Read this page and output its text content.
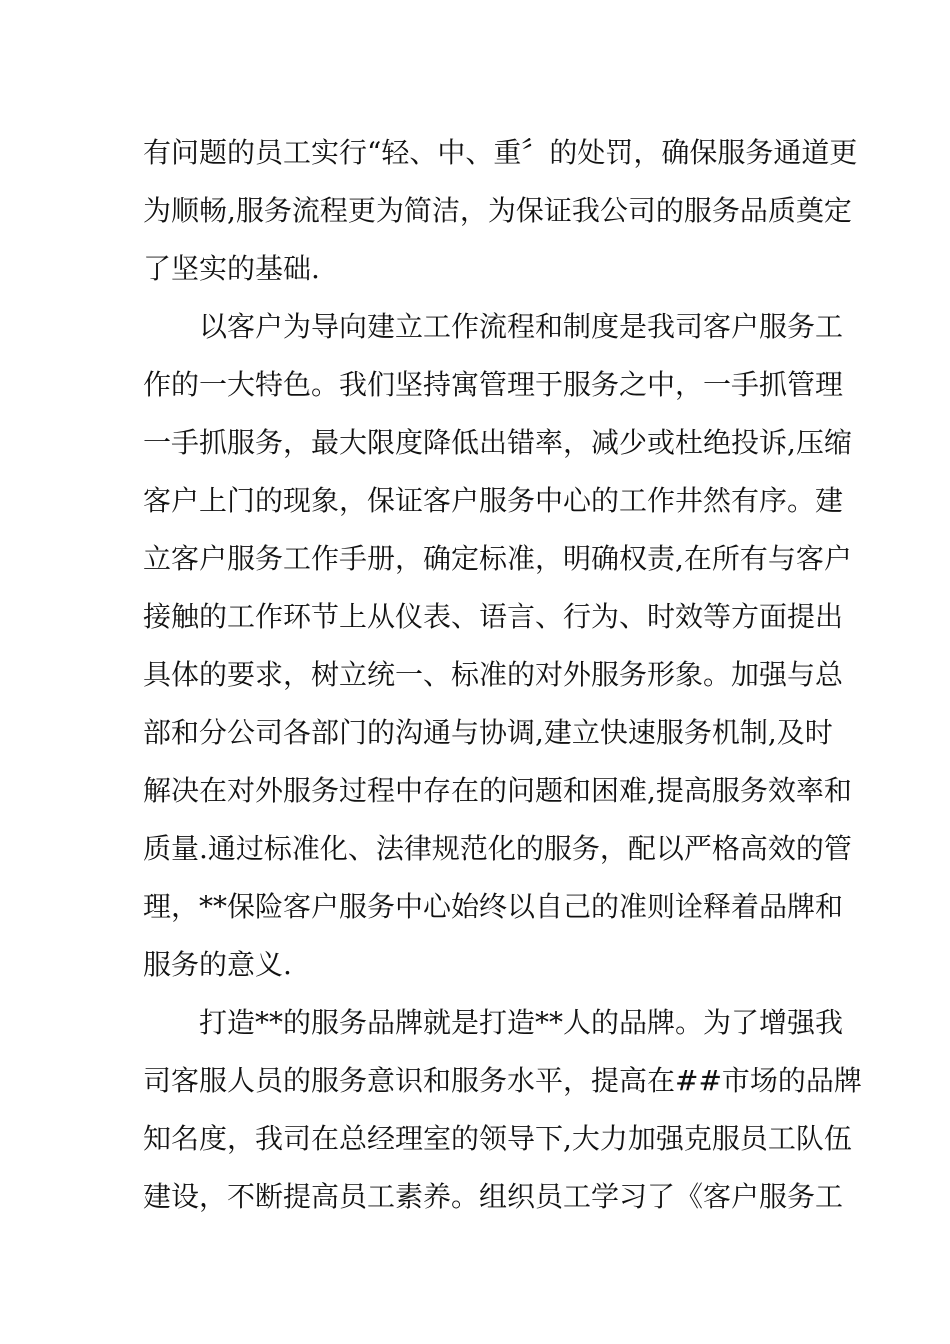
有问题的员工实行“轻、中、重〞的处罚，确保服务通道更
为顺畅,服务流程更为简洁，为保证我公司的服务品质奠定
了坚实的基础.
以客户为导向建立工作流程和制度是我司客户服务工
作的一大特色。我们坚持寓管理于服务之中，一手抓管理
一手抓服务，最大限度降低出错率，减少或杜绝投诉,压缩
客户上门的现象，保证客户服务中心的工作井然有序。建
立客户服务工作手册，确定标准，明确权责,在所有与客户
接触的工作环节上从仪表、语言、行为、时效等方面提出
具体的要求，树立统一、标准的对外服务形象。加强与总
部和分公司各部门的沟通与协调,建立快速服务机制,及时
解决在对外服务过程中存在的问题和困难,提高服务效率和
质量.通过标准化、法律规范化的服务，配以严格高效的管
理，**保险客户服务中心始终以自己的准则诠释着品牌和
服务的意义.
打造**的服务品牌就是打造**人的品牌。为了增强我
司客服人员的服务意识和服务水平，提高在##市场的品牌
知名度，我司在总经理室的领导下,大力加强克服员工队伍
建设，不断提高员工素养。组织员工学习了《客户服务工
